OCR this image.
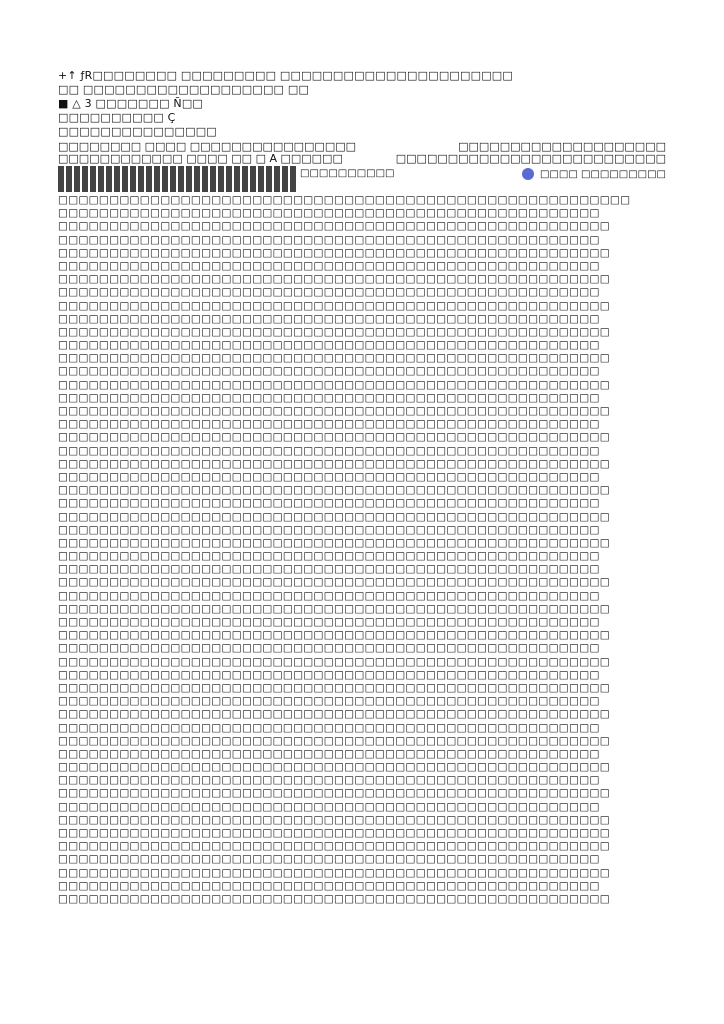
+↑ ƒR□□□□□□□□ □□□□□□□□□ □□□□□□□□□□□□□□□□□□□□□□
□□ □□□□□□□□□□□□□□□□□□□ □□
■ △ 3 □□□□□□□ Ñ□□
□□□□□□□□□□ Ç
□□□□□□□□□□□□□□□
□□□□□□□□ □□□□ □□□□□□□□□□□□□□□□	□□□□□□□□□□□□□□□□□□□□
□□□□□□□□□□□□ □□□□ □□ □ A □□□□□□	□□□□□□□□□□□□□□□□□□□□□□□□□□
□□□□□□□□□□	□□□□ □□□□□□□□□
□□□□□□□□□□□□□□□□□□□□□□□□□□□□□□□□□□□□□□□□□□□□□□□□□□□□□□□□
□□□□□□□□□□□□□□□□□□□□□□□□□□□□□□□□□□□□□□□□□□□□□□□□□□□□□
□□□□□□□□□□□□□□□□□□□□□□□□□□□□□□□□□□□□□□□□□□□□□□□□□□□□□□
□□□□□□□□□□□□□□□□□□□□□□□□□□□□□□□□□□□□□□□□□□□□□□□□□□□□□
□□□□□□□□□□□□□□□□□□□□□□□□□□□□□□□□□□□□□□□□□□□□□□□□□□□□□□
□□□□□□□□□□□□□□□□□□□□□□□□□□□□□□□□□□□□□□□□□□□□□□□□□□□□□
□□□□□□□□□□□□□□□□□□□□□□□□□□□□□□□□□□□□□□□□□□□□□□□□□□□□□□
□□□□□□□□□□□□□□□□□□□□□□□□□□□□□□□□□□□□□□□□□□□□□□□□□□□□□
□□□□□□□□□□□□□□□□□□□□□□□□□□□□□□□□□□□□□□□□□□□□□□□□□□□□□□
□□□□□□□□□□□□□□□□□□□□□□□□□□□□□□□□□□□□□□□□□□□□□□□□□□□□□
□□□□□□□□□□□□□□□□□□□□□□□□□□□□□□□□□□□□□□□□□□□□□□□□□□□□□□
□□□□□□□□□□□□□□□□□□□□□□□□□□□□□□□□□□□□□□□□□□□□□□□□□□□□□
□□□□□□□□□□□□□□□□□□□□□□□□□□□□□□□□□□□□□□□□□□□□□□□□□□□□□□
□□□□□□□□□□□□□□□□□□□□□□□□□□□□□□□□□□□□□□□□□□□□□□□□□□□□□
□□□□□□□□□□□□□□□□□□□□□□□□□□□□□□□□□□□□□□□□□□□□□□□□□□□□□□
□□□□□□□□□□□□□□□□□□□□□□□□□□□□□□□□□□□□□□□□□□□□□□□□□□□□□
□□□□□□□□□□□□□□□□□□□□□□□□□□□□□□□□□□□□□□□□□□□□□□□□□□□□□□
□□□□□□□□□□□□□□□□□□□□□□□□□□□□□□□□□□□□□□□□□□□□□□□□□□□□□
□□□□□□□□□□□□□□□□□□□□□□□□□□□□□□□□□□□□□□□□□□□□□□□□□□□□□□
□□□□□□□□□□□□□□□□□□□□□□□□□□□□□□□□□□□□□□□□□□□□□□□□□□□□□
□□□□□□□□□□□□□□□□□□□□□□□□□□□□□□□□□□□□□□□□□□□□□□□□□□□□□□
□□□□□□□□□□□□□□□□□□□□□□□□□□□□□□□□□□□□□□□□□□□□□□□□□□□□□
□□□□□□□□□□□□□□□□□□□□□□□□□□□□□□□□□□□□□□□□□□□□□□□□□□□□□□
□□□□□□□□□□□□□□□□□□□□□□□□□□□□□□□□□□□□□□□□□□□□□□□□□□□□□
□□□□□□□□□□□□□□□□□□□□□□□□□□□□□□□□□□□□□□□□□□□□□□□□□□□□□□
□□□□□□□□□□□□□□□□□□□□□□□□□□□□□□□□□□□□□□□□□□□□□□□□□□□□□
□□□□□□□□□□□□□□□□□□□□□□□□□□□□□□□□□□□□□□□□□□□□□□□□□□□□□□
□□□□□□□□□□□□□□□□□□□□□□□□□□□□□□□□□□□□□□□□□□□□□□□□□□□□□
□□□□□□□□□□□□□□□□□□□□□□□□□□□□□□□□□□□□□□□□□□□□□□□□□□□□□
□□□□□□□□□□□□□□□□□□□□□□□□□□□□□□□□□□□□□□□□□□□□□□□□□□□□□□
□□□□□□□□□□□□□□□□□□□□□□□□□□□□□□□□□□□□□□□□□□□□□□□□□□□□□
□□□□□□□□□□□□□□□□□□□□□□□□□□□□□□□□□□□□□□□□□□□□□□□□□□□□□□
□□□□□□□□□□□□□□□□□□□□□□□□□□□□□□□□□□□□□□□□□□□□□□□□□□□□□
□□□□□□□□□□□□□□□□□□□□□□□□□□□□□□□□□□□□□□□□□□□□□□□□□□□□□□
□□□□□□□□□□□□□□□□□□□□□□□□□□□□□□□□□□□□□□□□□□□□□□□□□□□□□
□□□□□□□□□□□□□□□□□□□□□□□□□□□□□□□□□□□□□□□□□□□□□□□□□□□□□□
□□□□□□□□□□□□□□□□□□□□□□□□□□□□□□□□□□□□□□□□□□□□□□□□□□□□□
□□□□□□□□□□□□□□□□□□□□□□□□□□□□□□□□□□□□□□□□□□□□□□□□□□□□□□
□□□□□□□□□□□□□□□□□□□□□□□□□□□□□□□□□□□□□□□□□□□□□□□□□□□□□
□□□□□□□□□□□□□□□□□□□□□□□□□□□□□□□□□□□□□□□□□□□□□□□□□□□□□□
□□□□□□□□□□□□□□□□□□□□□□□□□□□□□□□□□□□□□□□□□□□□□□□□□□□□□
□□□□□□□□□□□□□□□□□□□□□□□□□□□□□□□□□□□□□□□□□□□□□□□□□□□□□□
□□□□□□□□□□□□□□□□□□□□□□□□□□□□□□□□□□□□□□□□□□□□□□□□□□□□□
□□□□□□□□□□□□□□□□□□□□□□□□□□□□□□□□□□□□□□□□□□□□□□□□□□□□□□
□□□□□□□□□□□□□□□□□□□□□□□□□□□□□□□□□□□□□□□□□□□□□□□□□□□□□
□□□□□□□□□□□□□□□□□□□□□□□□□□□□□□□□□□□□□□□□□□□□□□□□□□□□□□
□□□□□□□□□□□□□□□□□□□□□□□□□□□□□□□□□□□□□□□□□□□□□□□□□□□□□
□□□□□□□□□□□□□□□□□□□□□□□□□□□□□□□□□□□□□□□□□□□□□□□□□□□□□□
□□□□□□□□□□□□□□□□□□□□□□□□□□□□□□□□□□□□□□□□□□□□□□□□□□□□□□
□□□□□□□□□□□□□□□□□□□□□□□□□□□□□□□□□□□□□□□□□□□□□□□□□□□□□□
□□□□□□□□□□□□□□□□□□□□□□□□□□□□□□□□□□□□□□□□□□□□□□□□□□□□□
□□□□□□□□□□□□□□□□□□□□□□□□□□□□□□□□□□□□□□□□□□□□□□□□□□□□□□
□□□□□□□□□□□□□□□□□□□□□□□□□□□□□□□□□□□□□□□□□□□□□□□□□□□□□
□□□□□□□□□□□□□□□□□□□□□□□□□□□□□□□□□□□□□□□□□□□□□□□□□□□□□□
